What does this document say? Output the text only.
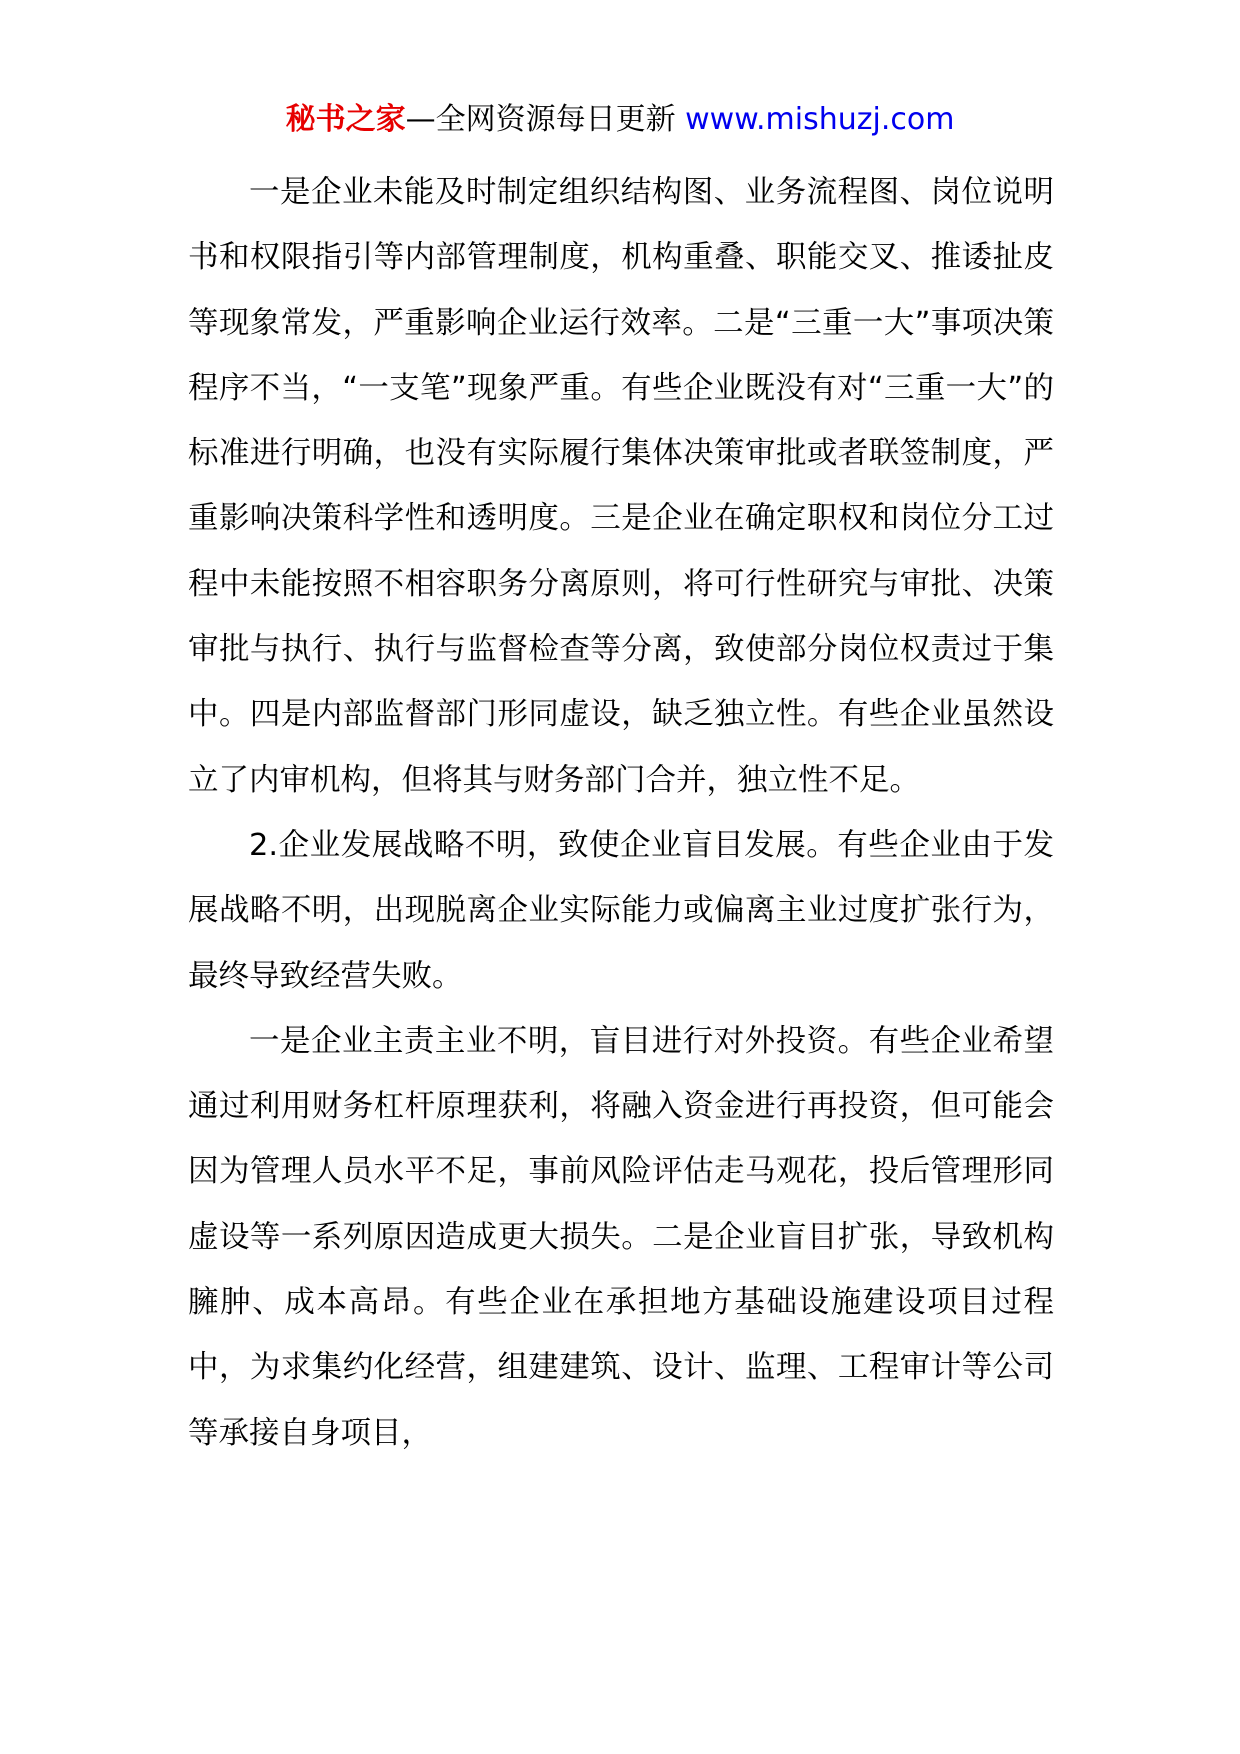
秘书之家—全网资源每日更新 www.mishuzj.com

一是企业未能及时制定组织结构图、业务流程图、岗位说明书和权限指引等内部管理制度，机构重叠、职能交叉、推诿扯皮等现象常发，严重影响企业运行效率。二是“三重一大”事项决策程序不当，“一支笔”现象严重。有些企业既没有对“三重一大”的标准进行明确，也没有实际履行集体决策审批或者联签制度，严重影响决策科学性和透明度。三是企业在确定职权和岗位分工过程中未能按照不相容职务分离原则，将可行性研究与审批、决策审批与执行、执行与监督检查等分离，致使部分岗位权责过于集中。四是内部监督部门形同虚设，缺乏独立性。有些企业虽然设立了内审机构，但将其与财务部门合并，独立性不足。

2.企业发展战略不明，致使企业盲目发展。有些企业由于发展战略不明，出现脱离企业实际能力或偏离主业过度扩张行为，最终导致经营失败。

一是企业主责主业不明，盲目进行对外投资。有些企业希望通过利用财务杠杆原理获利，将融入资金进行再投资，但可能会因为管理人员水平不足，事前风险评估走马观花，投后管理形同虚设等一系列原因造成更大损失。二是企业盲目扩张，导致机构臃肿、成本高昂。有些企业在承担地方基础设施建设项目过程中，为求集约化经营，组建建筑、设计、监理、工程审计等公司等承接自身项目，
